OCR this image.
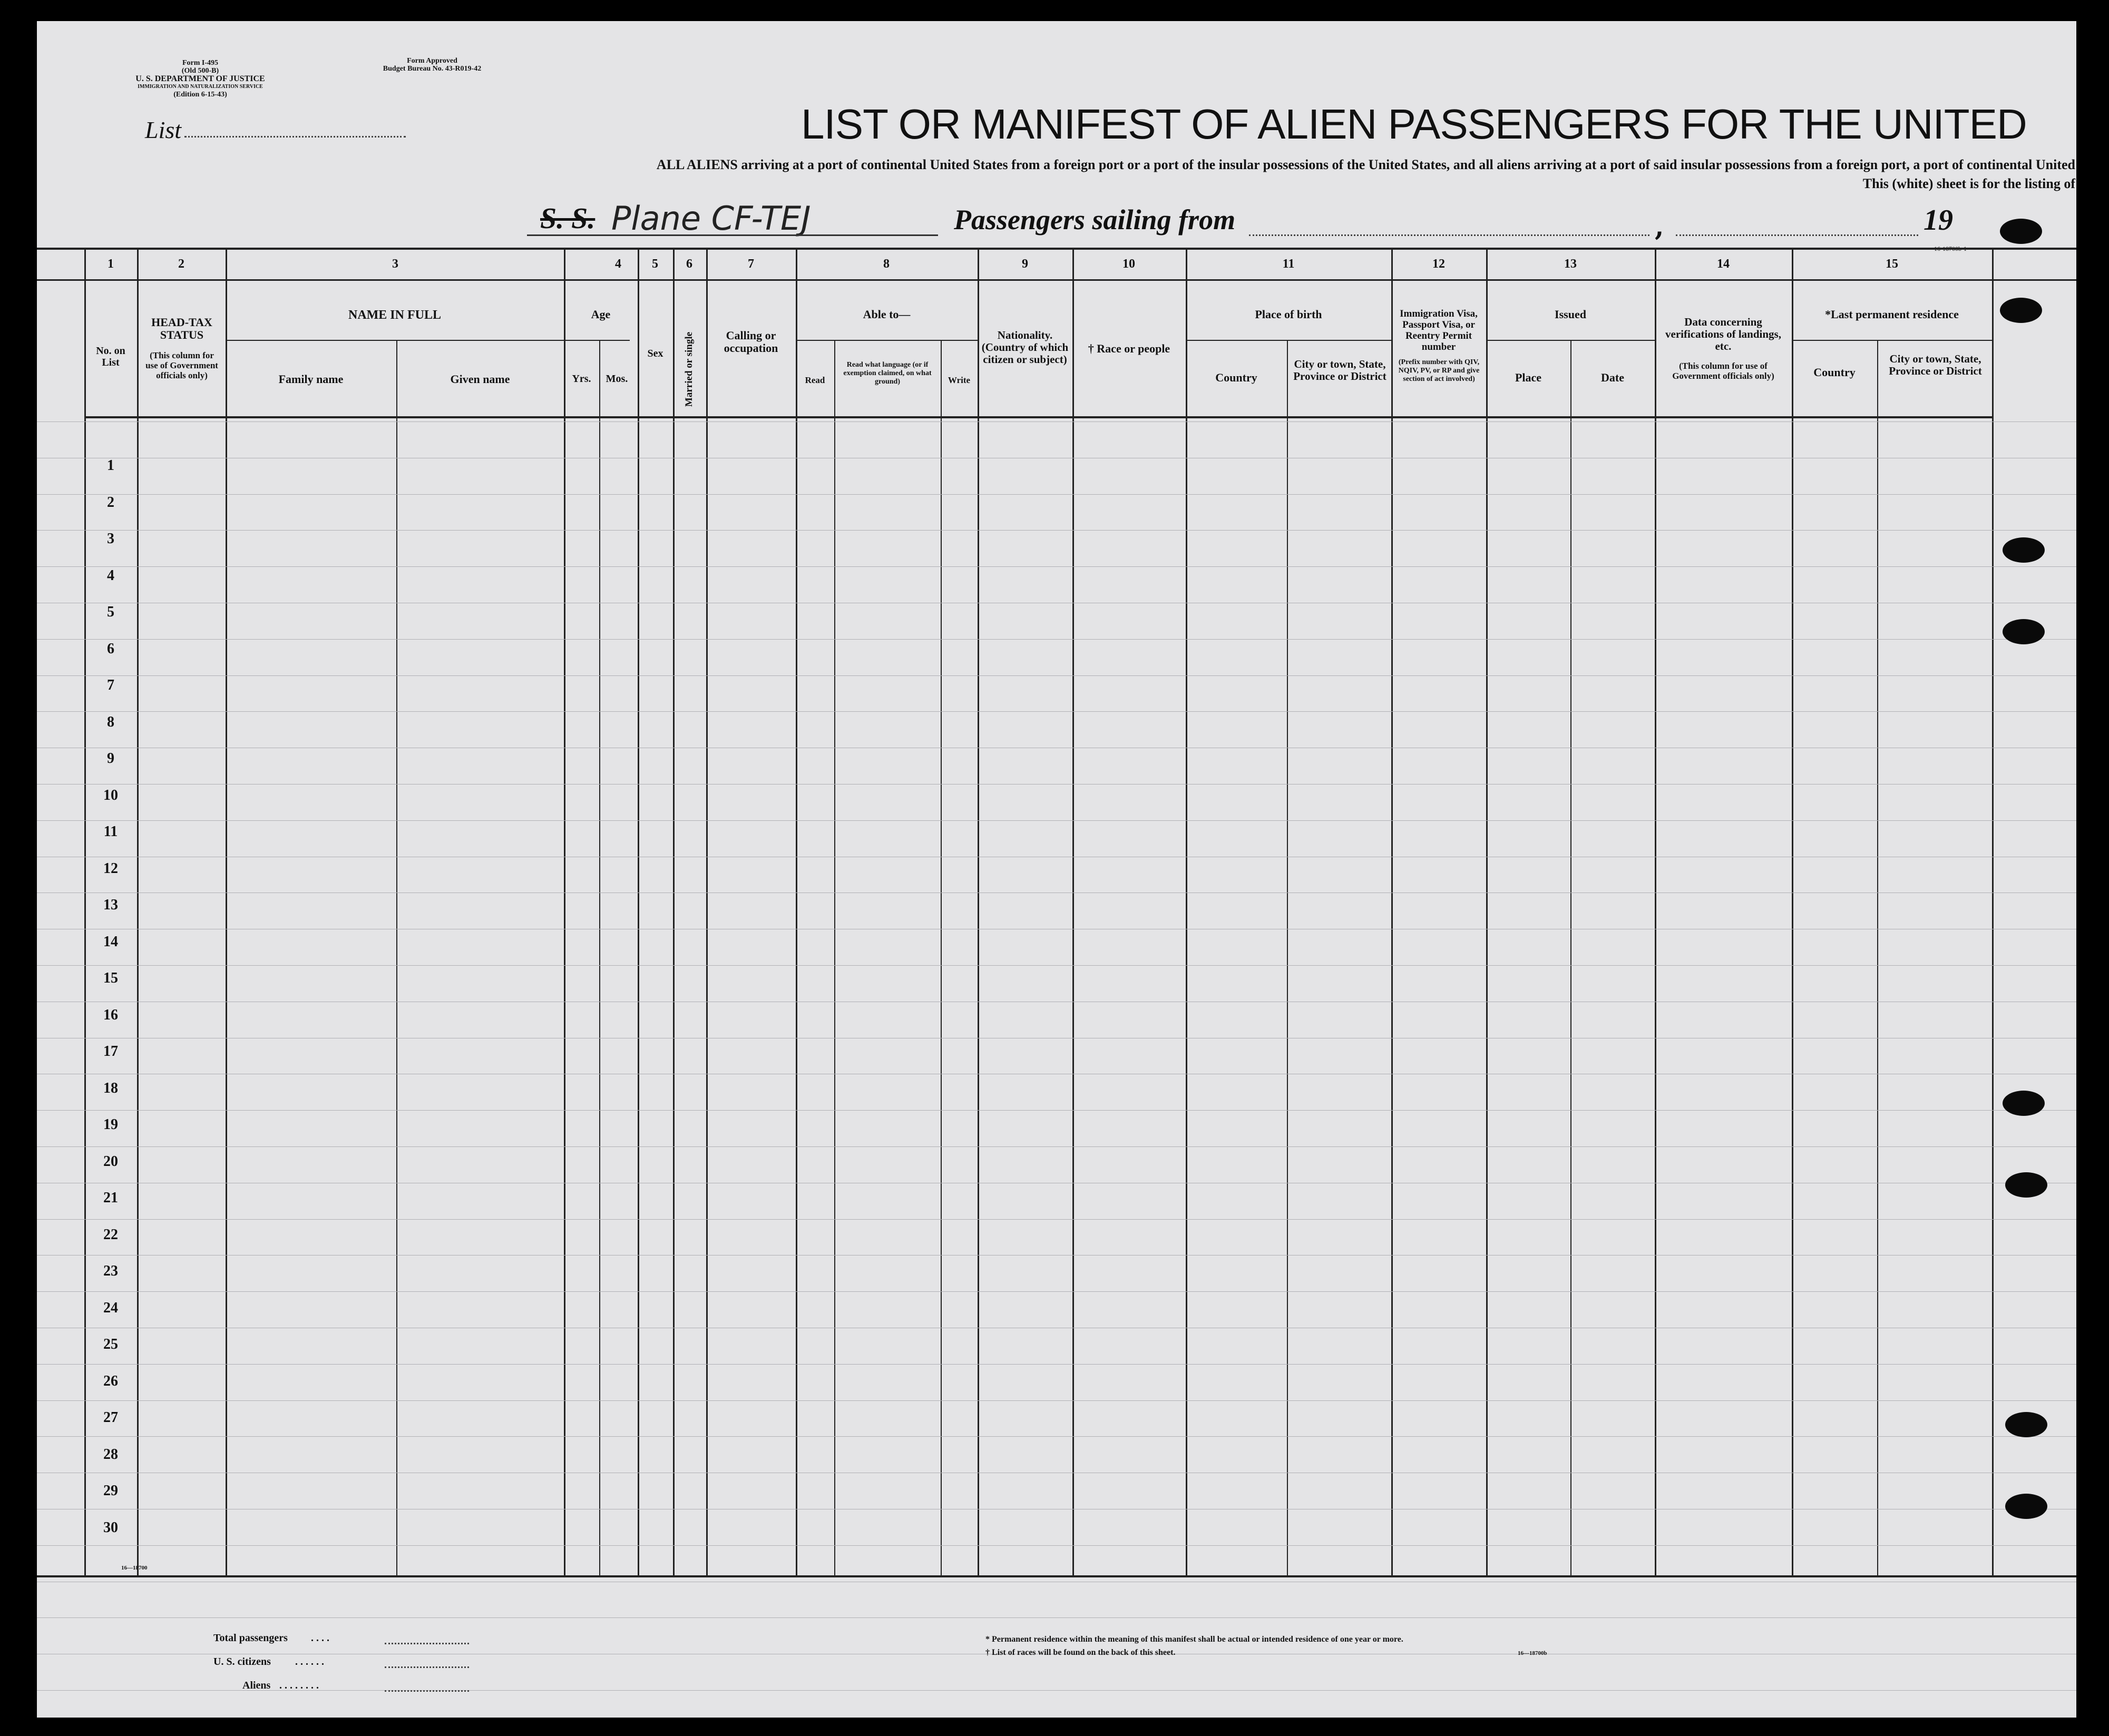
Form I-495
(Old 500-B)
U. S. DEPARTMENT OF JUSTICE
IMMIGRATION AND NATURALIZATION SERVICE
(Edition 6-15-43)
Form Approved
Budget Bureau No. 43-R019-42
List	LIST OR MANIFEST OF ALIEN PASSENGERS FOR THE UNITED
ALL ALIENS arriving at a port of continental United States from a foreign port or a port of the insular possessions of the United States, and all aliens arriving at a port of said insular possessions from a foreign port, a port of continental United
This (white) sheet is for the listing of
S. S. Plane CF-TEJ	Passengers sailing from	,	19
1	2	3	4	5	6	7	8	9	10	11	12	13	14	15
No. on List
HEAD-TAX STATUS
(This column for use of Government officials only)
NAME IN FULL
Family name	Given name
Age
Yrs.	Mos.
Sex	Married or single	Calling or occupation
Able to—
Read
Read what language (or if exemption claimed, on what ground)	Write
Nationality. (Country of which citizen or subject)
† Race or people
Place of birth
Country
City or town, State, Province or District
Immigration Visa, Passport Visa, or Reentry Permit number
(Prefix number with QIV, NQIV, PV, or RP and give section of act involved)
Issued
Place	Date
Data concerning verifications of landings, etc.
(This column for use of Government officials only)
*Last permanent residence
Country
City or town, State, Province or District
1
2
3
4
5
6
7
8
9
10
11
12
13
14
15
16
17
18
19
20
21
22
23
24
25
26
27
28
29
30
Total passengers . . . .
U. S. citizens . . . . . .
Aliens . . . . . . . .
* Permanent residence within the meaning of this manifest shall be actual or intended residence of one year or more.
† List of races will be found on the back of this sheet.	16—18700b
16—18700
